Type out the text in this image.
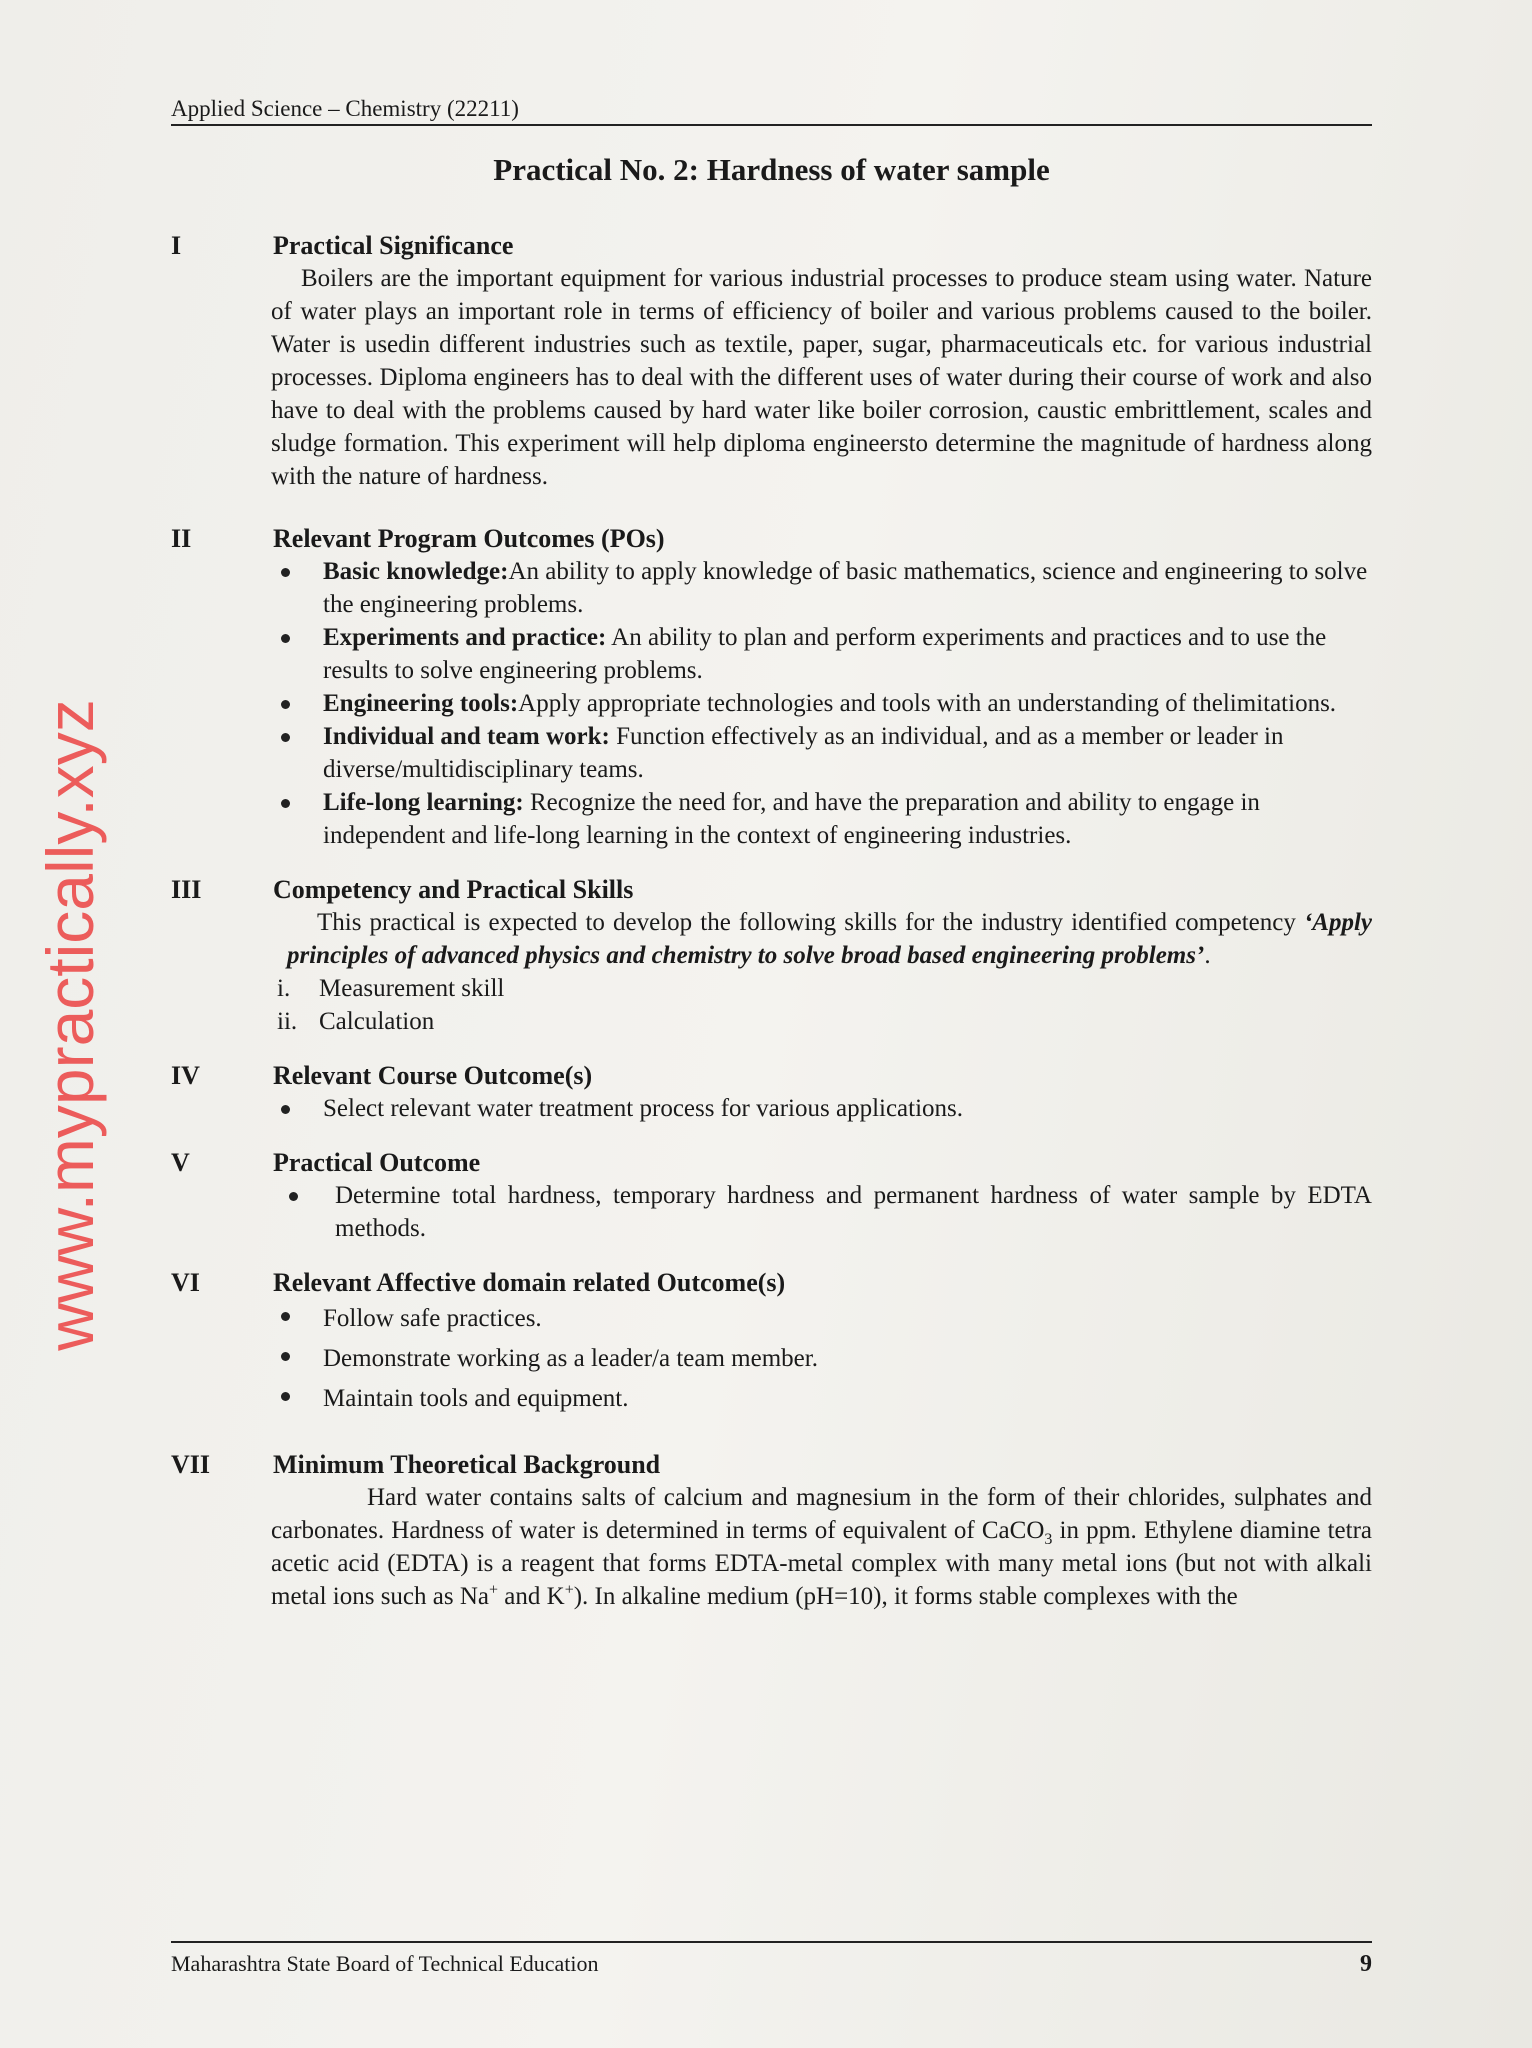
Applied Science – Chemistry (22211)
Practical No. 2: Hardness of water sample
I	Practical Significance

Boilers are the important equipment for various industrial processes to produce steam using water. Nature of water plays an important role in terms of efficiency of boiler and various problems caused to the boiler. Water is usedin different industries such as textile, paper, sugar, pharmaceuticals etc. for various industrial processes. Diploma engineers has to deal with the different uses of water during their course of work and also have to deal with the problems caused by hard water like boiler corrosion, caustic embrittlement, scales and sludge formation. This experiment will help diploma engineersto determine the magnitude of hardness along with the nature of hardness.

II	Relevant Program Outcomes (POs)
Basic knowledge:An ability to apply knowledge of basic mathematics, science and engineering to solve the engineering problems.
Experiments and practice: An ability to plan and perform experiments and practices and to use the results to solve engineering problems.
Engineering tools:Apply appropriate technologies and tools with an understanding of thelimitations.
Individual and team work: Function effectively as an individual, and as a member or leader in diverse/multidisciplinary teams.
Life-long learning: Recognize the need for, and have the preparation and ability to engage in independent and life-long learning in the context of engineering industries.
III	Competency and Practical Skills

This practical is expected to develop the following skills for the industry identified competency ‘Apply principles of advanced physics and chemistry to solve broad based engineering problems’.

i. Measurement skill
ii. Calculation
IV	Relevant Course Outcome(s)
Select relevant water treatment process for various applications.
V	Practical Outcome
Determine total hardness, temporary hardness and permanent hardness of water sample by EDTA methods.
VI	Relevant Affective domain related Outcome(s)
Follow safe practices.
Demonstrate working as a leader/a team member.
Maintain tools and equipment.
VII Minimum Theoretical Background

Hard water contains salts of calcium and magnesium in the form of their chlorides, sulphates and carbonates. Hardness of water is determined in terms of equivalent of CaCO$_3$ in ppm. Ethylene diamine tetra acetic acid (EDTA) is a reagent that forms EDTA-metal complex with many metal ions (but not with alkali metal ions such as Na+ and K+). In alkaline medium (pH=10), it forms stable complexes with the

Maharashtra State Board of Technical Education	9
www.mypractically.xyz
